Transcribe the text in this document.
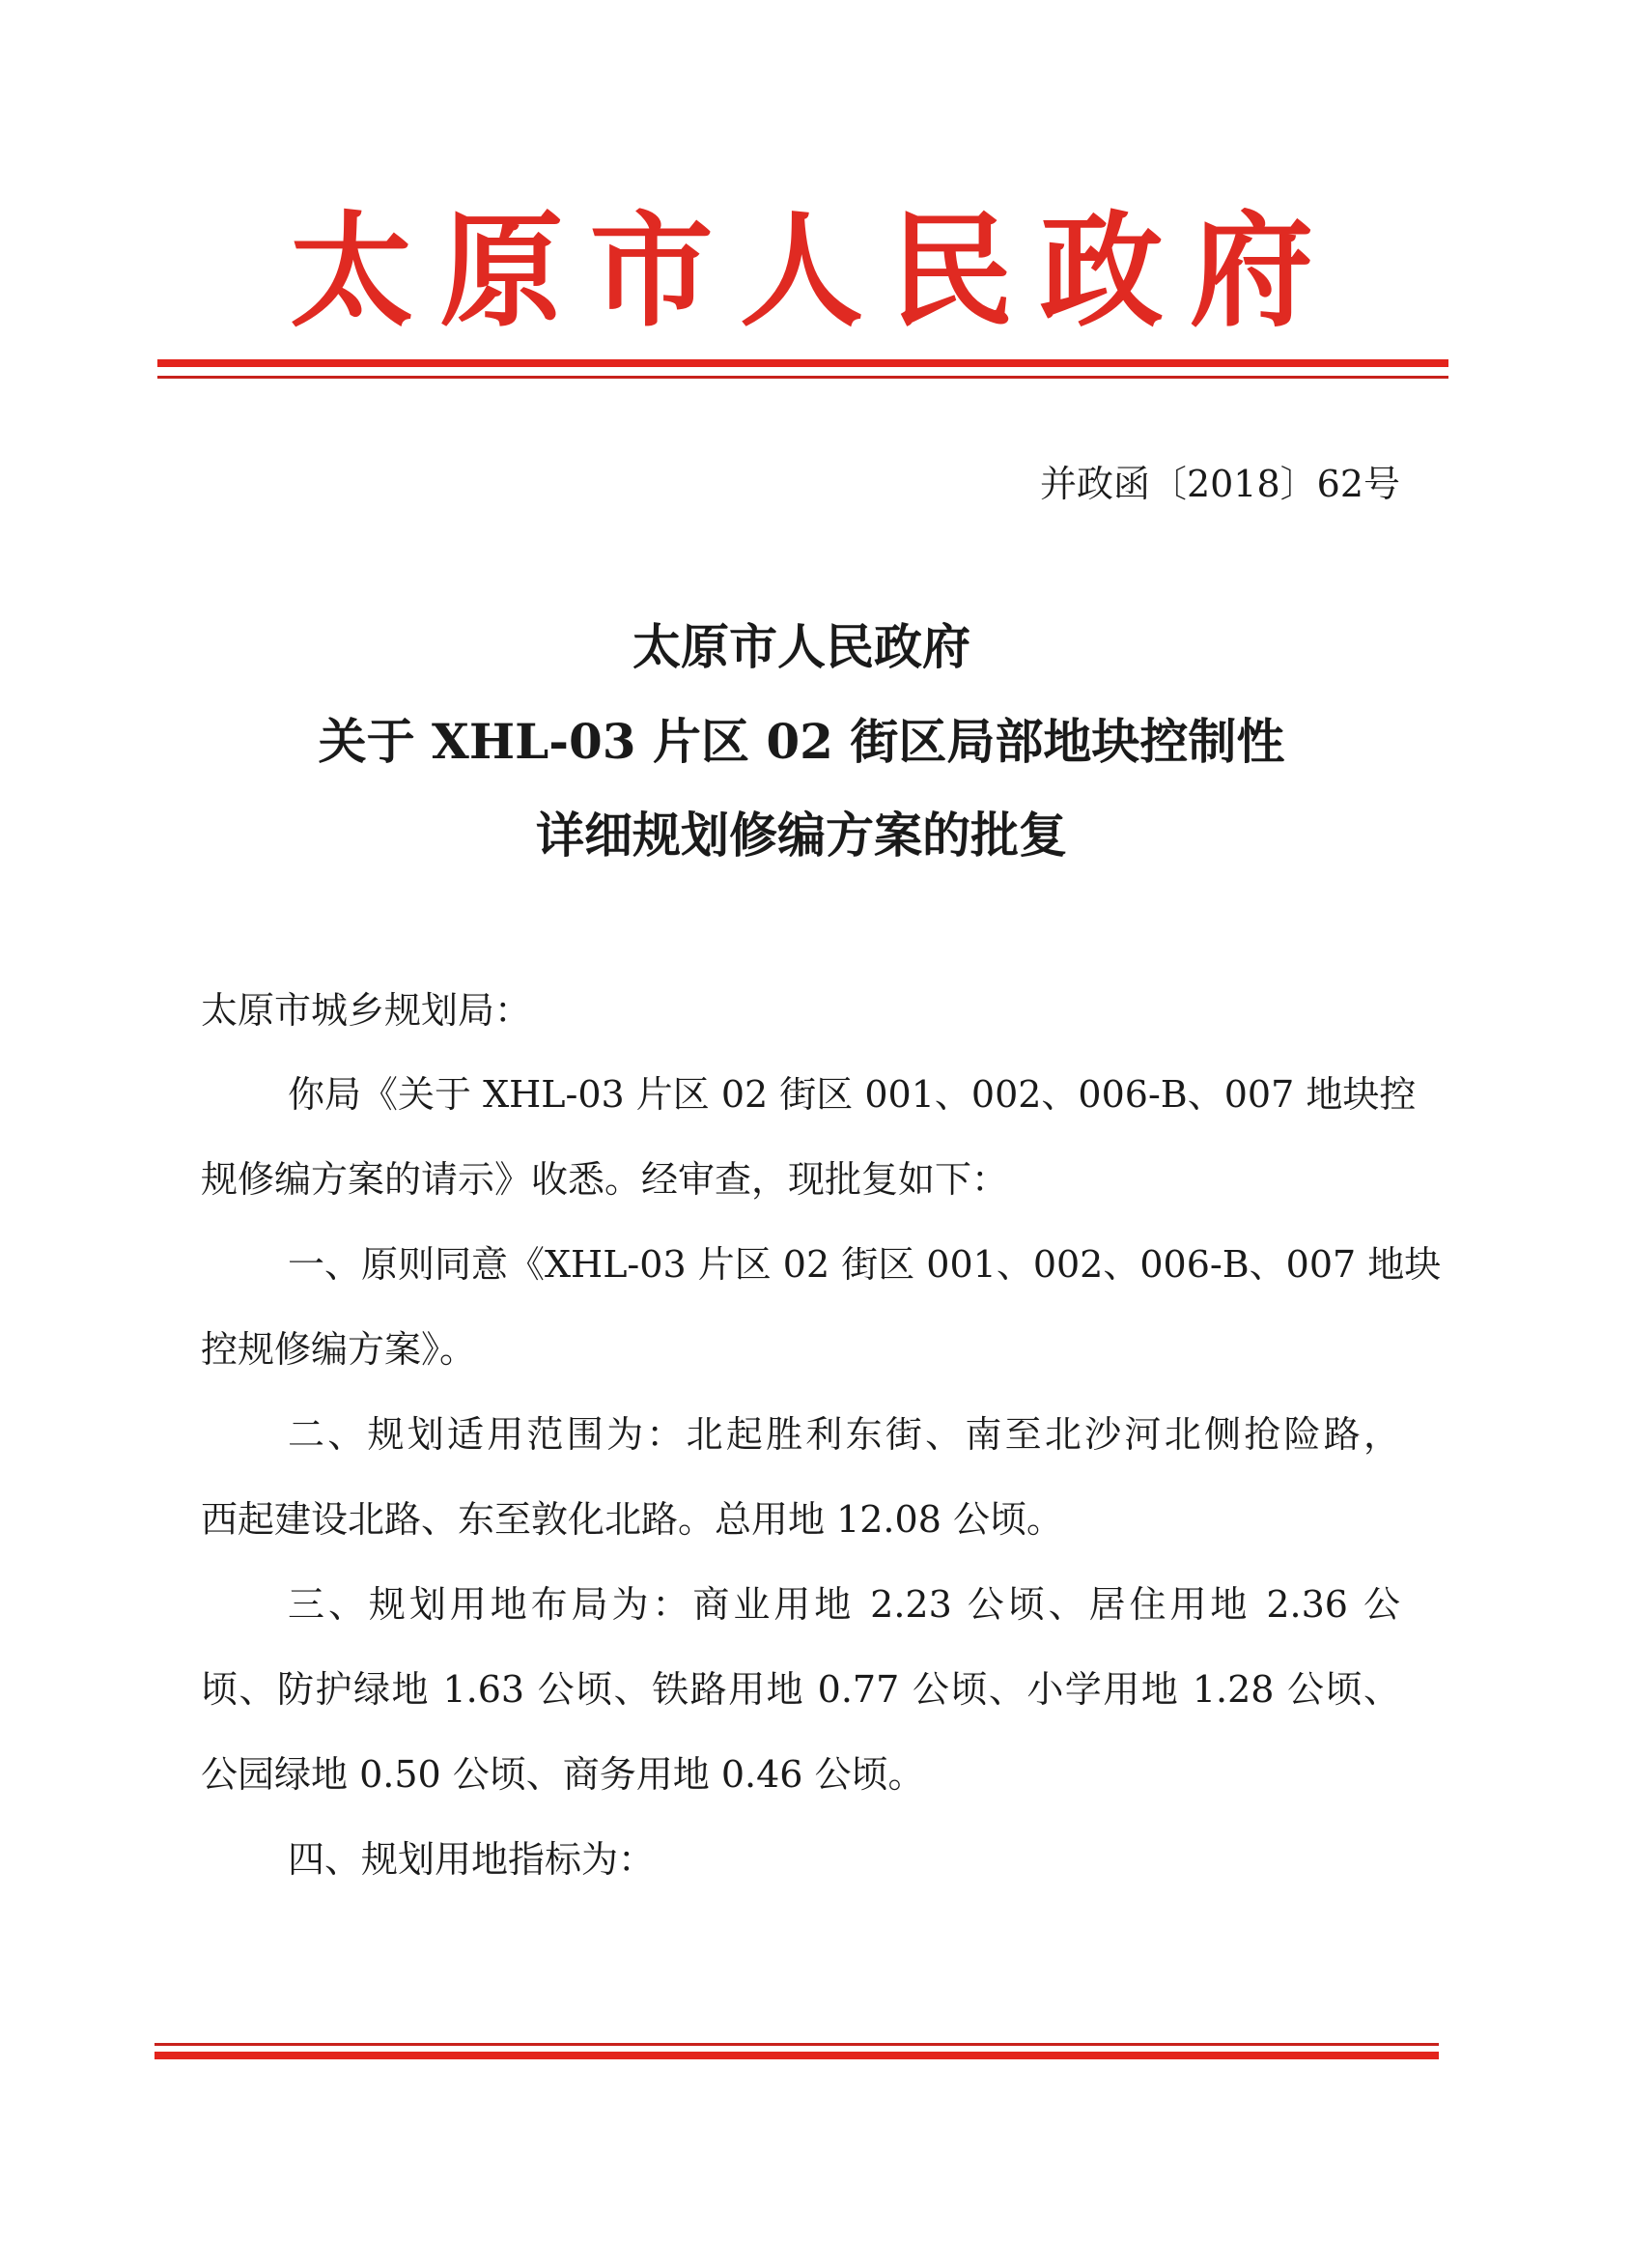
太 原 市 人 民 政 府
并政函〔2018〕62号
太原市人民政府
关于 XHL-03 片区 02 街区局部地块控制性
详细规划修编方案的批复
太原市城乡规划局：
你局《关于 XHL-03 片区 02 街区 001、002、006-B、007 地块控
规修编方案的请示》收悉。经审查，现批复如下：
一、原则同意《XHL-03 片区 02 街区 001、002、006-B、007 地块
控规修编方案》。
二、规划适用范围为：北起胜利东街、南至北沙河北侧抢险路，
西起建设北路、东至敦化北路。总用地 12.08 公顷。
三、规划用地布局为：商业用地 2.23 公顷、居住用地 2.36 公
顷、防护绿地 1.63 公顷、铁路用地 0.77 公顷、小学用地 1.28 公顷、
公园绿地 0.50 公顷、商务用地 0.46 公顷。
四、规划用地指标为：
